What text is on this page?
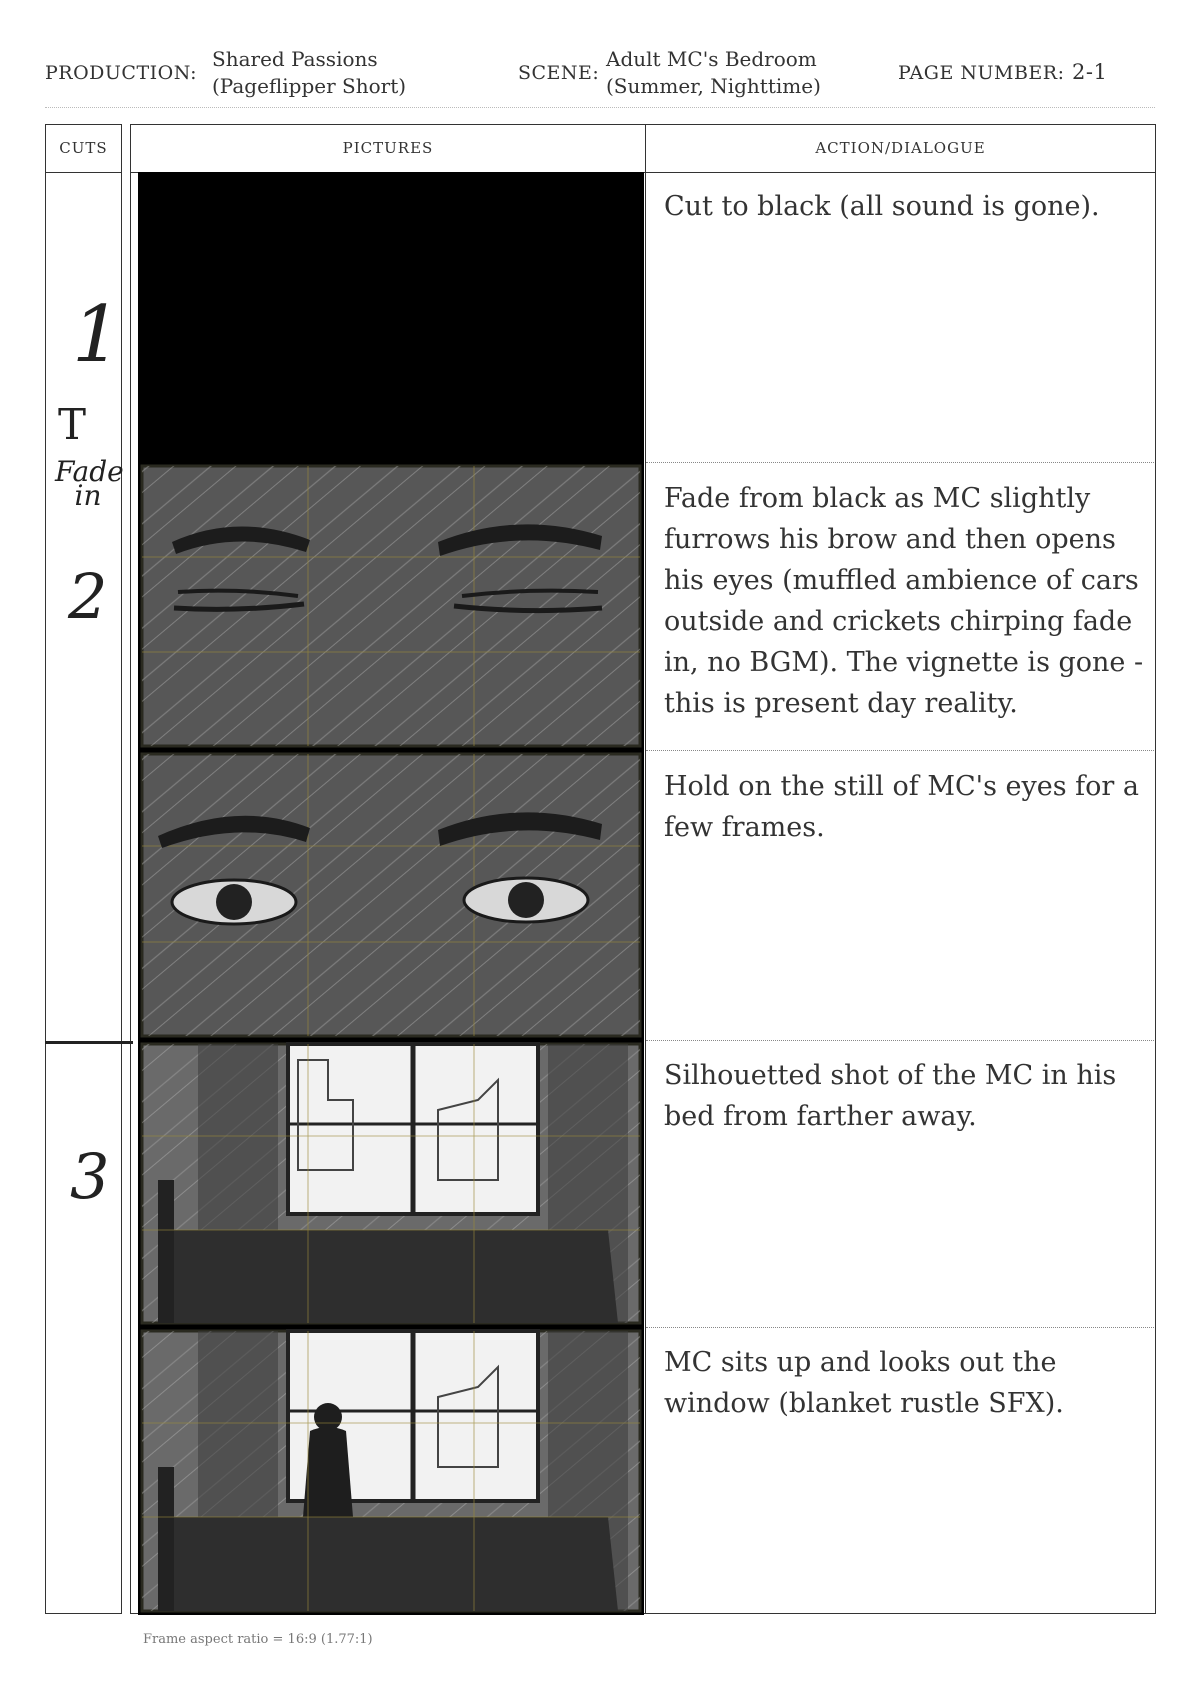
PRODUCTION:
Shared Passions
(Pageflipper Short)
SCENE:
Adult MC's Bedroom
(Summer, Nighttime)
PAGE NUMBER: 2-1
CUTS	PICTURES	ACTION/DIALOGUE
1
T
Fade
in
2
3
Cut to black (all sound is gone).
Fade from black as MC slightly furrows his brow and then opens his eyes (muffled ambience of cars outside and crickets chirping fade in, no BGM). The vignette is gone - this is present day reality.
Hold on the still of MC's eyes for a few frames.
Silhouetted shot of the MC in his bed from farther away.
MC sits up and looks out the window (blanket rustle SFX).
Frame aspect ratio = 16:9 (1.77:1)
